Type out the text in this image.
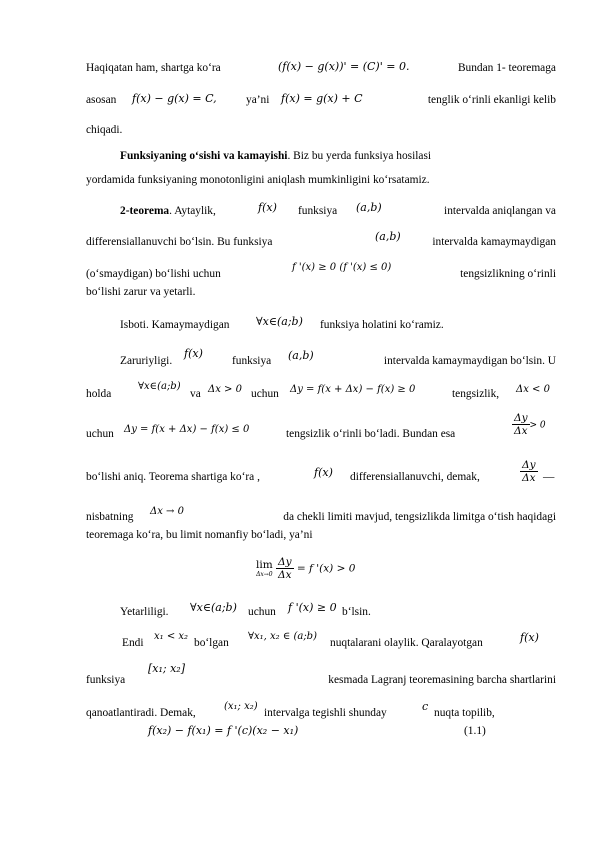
Haqiqatan ham, shartga ko‘ra	(f(x) − g(x))' = (C)' = 0.	Bundan 1- teoremaga
asosan	f(x) − g(x) = C,	ya’ni	f(x) = g(x) + C	tenglik o‘rinli ekanligi kelib
chiqadi.
Funksiyaning o‘sishi va kamayishi. Biz bu yerda funksiya hosilasi
yordamida funksiyaning monotonligini aniqlash mumkinligini ko‘rsatamiz.
2-teorema. Aytaylik,	f(x) funksiya	(a,b)	intervalda aniqlangan va
differensiallanuvchi bo‘lsin. Bu funksiya	(a,b)	intervalda kamaymaydigan
(o‘smaydigan) bo‘lishi uchun
f '(x) ≥ 0 (f '(x) ≤ 0)
tengsizlikning o‘rinli
bo‘lishi zarur va yetarli.
Isboti. Kamaymaydigan	∀x∈(a;b) funksiya holatini ko‘ramiz.
Zaruriyligi.
f(x)
funksiya	(a,b)	intervalda kamaymaydigan bo‘lsin. U
holda
∀x∈(a;b)
va Δx > 0 uchun	Δy = f(x + Δx) − f(x) ≥ 0	tengsizlik,	Δx < 0
uchun	Δy = f(x + Δx) − f(x) ≤ 0	tengsizlik o‘rinli bo‘ladi. Bundan esa	$\frac{\Delta y}{\Delta x} > 0$
bo‘lishi aniq. Teorema shartiga ko‘ra ,	f(x) differensiallanuvchi, demak,	$\frac{\Delta y}{\Delta x}$ —
nisbatning	Δx → 0	da chekli limiti mavjud, tengsizlikda limitga o‘tish haqidagi
teoremaga ko‘ra, bu limit nomanfiy bo‘ladi, ya’ni
lim
Δx→0
$\frac{\Delta y}{\Delta x} = f$ '(x) > 0
Yetarliligi.	∀x∈(a;b) uchun	f '(x) ≥ 0 b‘lsin.
Endi
x₁ < x₂
bo‘lgan
∀x₁, x₂ ∈ (a;b)
nuqtalarani olaylik. Qaralayotgan	f(x)
funksiya
[x₁; x₂]
kesmada Lagranj teoremasining barcha shartlarini
qanoatlantiradi. Demak,
(x₁; x₂)
intervalga tegishli shunday	c nuqta topilib,
f(x₂) − f(x₁) = f '(c)(x₂ − x₁)	(1.1)
